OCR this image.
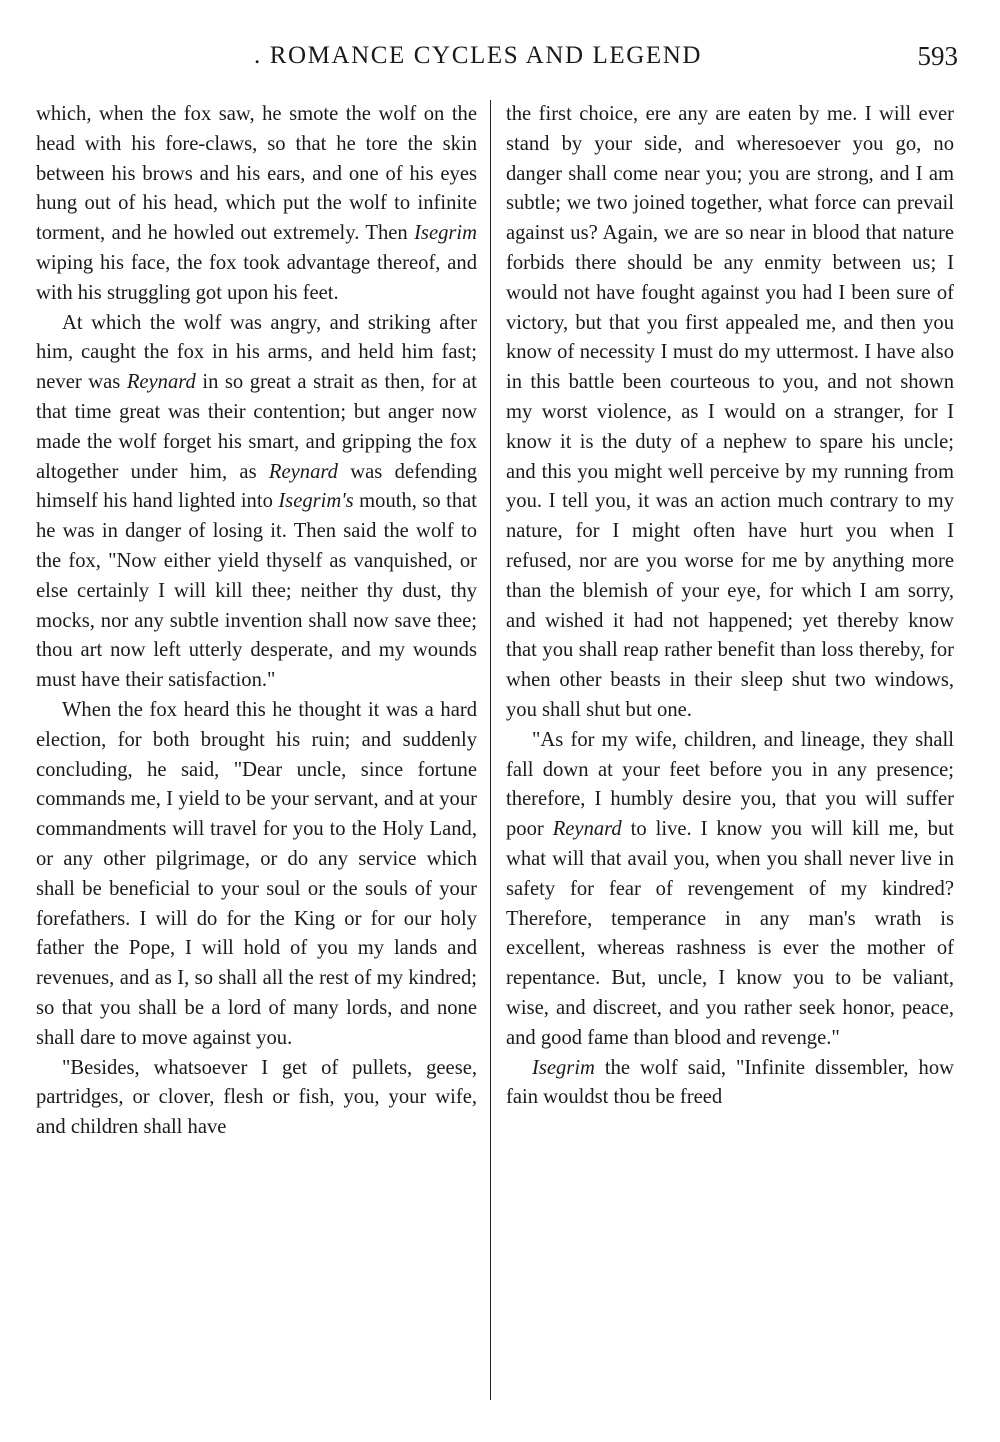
. ROMANCE CYCLES AND LEGEND	593

which, when the fox saw, he smote the wolf on the head with his fore-claws, so that he tore the skin between his brows and his ears, and one of his eyes hung out of his head, which put the wolf to infinite torment, and he howled out extremely. Then Isegrim wiping his face, the fox took advantage thereof, and with his struggling got upon his feet.

At which the wolf was angry, and striking after him, caught the fox in his arms, and held him fast; never was Reynard in so great a strait as then, for at that time great was their contention; but anger now made the wolf forget his smart, and gripping the fox altogether under him, as Reynard was defending himself his hand lighted into Isegrim's mouth, so that he was in danger of losing it. Then said the wolf to the fox, "Now either yield thyself as vanquished, or else certainly I will kill thee; neither thy dust, thy mocks, nor any subtle invention shall now save thee; thou art now left utterly desperate, and my wounds must have their satisfaction."

When the fox heard this he thought it was a hard election, for both brought his ruin; and suddenly concluding, he said, "Dear uncle, since fortune commands me, I yield to be your servant, and at your commandments will travel for you to the Holy Land, or any other pilgrimage, or do any service which shall be beneficial to your soul or the souls of your forefathers. I will do for the King or for our holy father the Pope, I will hold of you my lands and revenues, and as I, so shall all the rest of my kindred; so that you shall be a lord of many lords, and none shall dare to move against you.

"Besides, whatsoever I get of pullets, geese, partridges, or clover, flesh or fish, you, your wife, and children shall have

the first choice, ere any are eaten by me. I will ever stand by your side, and wheresoever you go, no danger shall come near you; you are strong, and I am subtle; we two joined together, what force can prevail against us? Again, we are so near in blood that nature forbids there should be any enmity between us; I would not have fought against you had I been sure of victory, but that you first appealed me, and then you know of necessity I must do my uttermost. I have also in this battle been courteous to you, and not shown my worst violence, as I would on a stranger, for I know it is the duty of a nephew to spare his uncle; and this you might well perceive by my running from you. I tell you, it was an action much contrary to my nature, for I might often have hurt you when I refused, nor are you worse for me by anything more than the blemish of your eye, for which I am sorry, and wished it had not happened; yet thereby know that you shall reap rather benefit than loss thereby, for when other beasts in their sleep shut two windows, you shall shut but one.

"As for my wife, children, and lineage, they shall fall down at your feet before you in any presence; therefore, I humbly desire you, that you will suffer poor Reynard to live. I know you will kill me, but what will that avail you, when you shall never live in safety for fear of revengement of my kindred? Therefore, temperance in any man's wrath is excellent, whereas rashness is ever the mother of repentance. But, uncle, I know you to be valiant, wise, and discreet, and you rather seek honor, peace, and good fame than blood and revenge."

Isegrim the wolf said, "Infinite dissembler, how fain wouldst thou be freed
